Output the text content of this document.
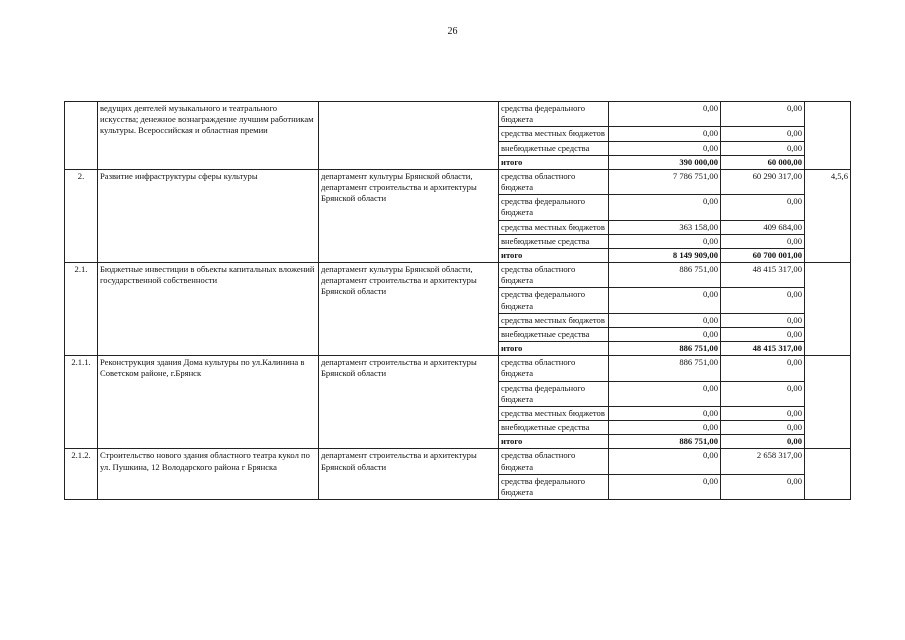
26
	ведущих деятелей музыкального и театрального искусства; денежное вознаграждение лучшим работникам культуры. Всероссийская и областная премии		средства федерального бюджета	0,00	0,00	
			средства местных бюджетов	0,00	0,00	
			внебюджетные средства	0,00	0,00	
			итого	390 000,00	60 000,00	
2.	Развитие инфраструктуры сферы культуры	департамент культуры Брянской области, департамент строительства и архитектуры Брянской области	средства областного бюджета	7 786 751,00	60 290 317,00	4,5,6
			средства федерального бюджета	0,00	0,00	
			средства местных бюджетов	363 158,00	409 684,00	
			внебюджетные средства	0,00	0,00	
			итого	8 149 909,00	60 700 001,00	
2.1.	Бюджетные инвестиции в объекты капитальных вложений государственной собственности	департамент культуры Брянской области, департамент строительства и архитектуры Брянской области	средства областного бюджета	886 751,00	48 415 317,00	
			средства федерального бюджета	0,00	0,00	
			средства местных бюджетов	0,00	0,00	
			внебюджетные средства	0,00	0,00	
			итого	886 751,00	48 415 317,00	
2.1.1.	Реконструкция здания Дома культуры по ул.Калинина в Советском районе, г.Брянск	департамент строительства и архитектуры Брянской области	средства областного бюджета	886 751,00	0,00	
			средства федерального бюджета	0,00	0,00	
			средства местных бюджетов	0,00	0,00	
			внебюджетные средства	0,00	0,00	
			итого	886 751,00	0,00	
2.1.2.	Строительство нового здания областного театра кукол по ул. Пушкина, 12 Володарского района г Брянска	департамент строительства и архитектуры Брянской области	средства областного бюджета	0,00	2 658 317,00	
			средства федерального бюджета	0,00	0,00	
